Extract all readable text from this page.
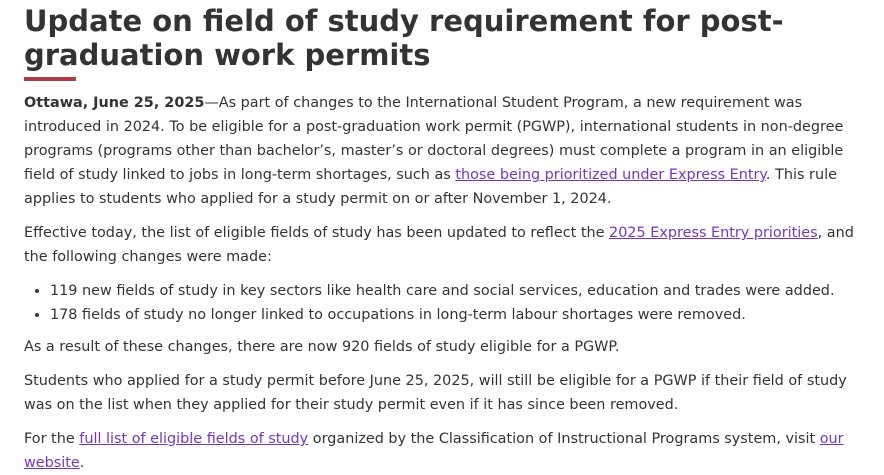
Update on field of study requirement for post-graduation work permits

Ottawa, June 25, 2025—As part of changes to the International Student Program, a new requirement was introduced in 2024. To be eligible for a post-graduation work permit (PGWP), international students in non-degree programs (programs other than bachelor’s, master’s or doctoral degrees) must complete a program in an eligible field of study linked to jobs in long-term shortages, such as those being prioritized under Express Entry. This rule applies to students who applied for a study permit on or after November 1, 2024.

Effective today, the list of eligible fields of study has been updated to reflect the 2025 Express Entry priorities, and the following changes were made:

• 119 new fields of study in key sectors like health care and social services, education and trades were added.
• 178 fields of study no longer linked to occupations in long-term labour shortages were removed.

As a result of these changes, there are now 920 fields of study eligible for a PGWP.

Students who applied for a study permit before June 25, 2025, will still be eligible for a PGWP if their field of study was on the list when they applied for their study permit even if it has since been removed.

For the full list of eligible fields of study organized by the Classification of Instructional Programs system, visit our website.
